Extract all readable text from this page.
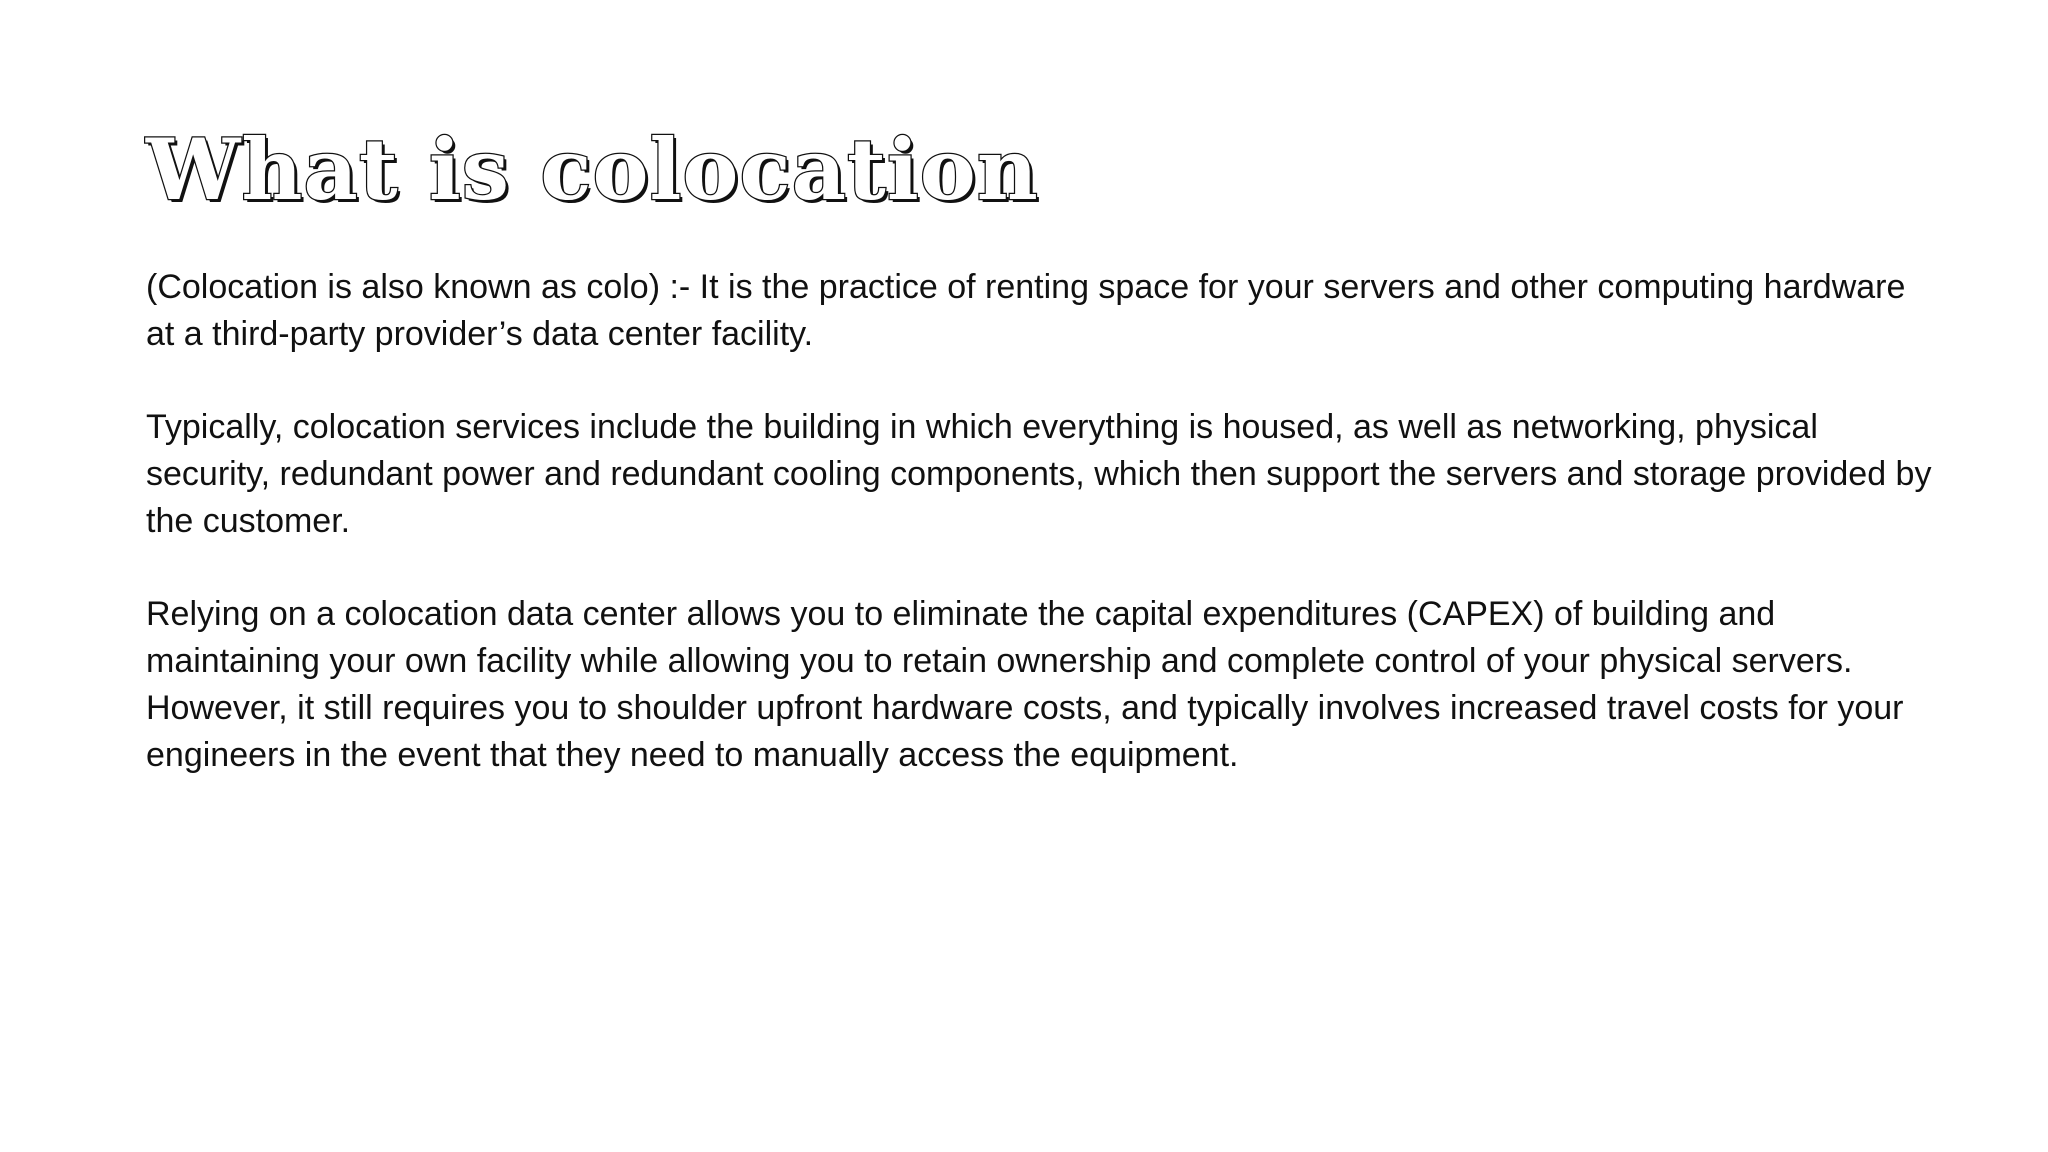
What is colocation

(Colocation is also known as colo) :- It is the practice of renting space for your servers and other computing hardware at a third-party provider’s data center facility.

Typically, colocation services include the building in which everything is housed, as well as networking, physical security, redundant power and redundant cooling components, which then support the servers and storage provided by the customer.

Relying on a colocation data center allows you to eliminate the capital expenditures (CAPEX) of building and maintaining your own facility while allowing you to retain ownership and complete control of your physical servers. However, it still requires you to shoulder upfront hardware costs, and typically involves increased travel costs for your engineers in the event that they need to manually access the equipment.
